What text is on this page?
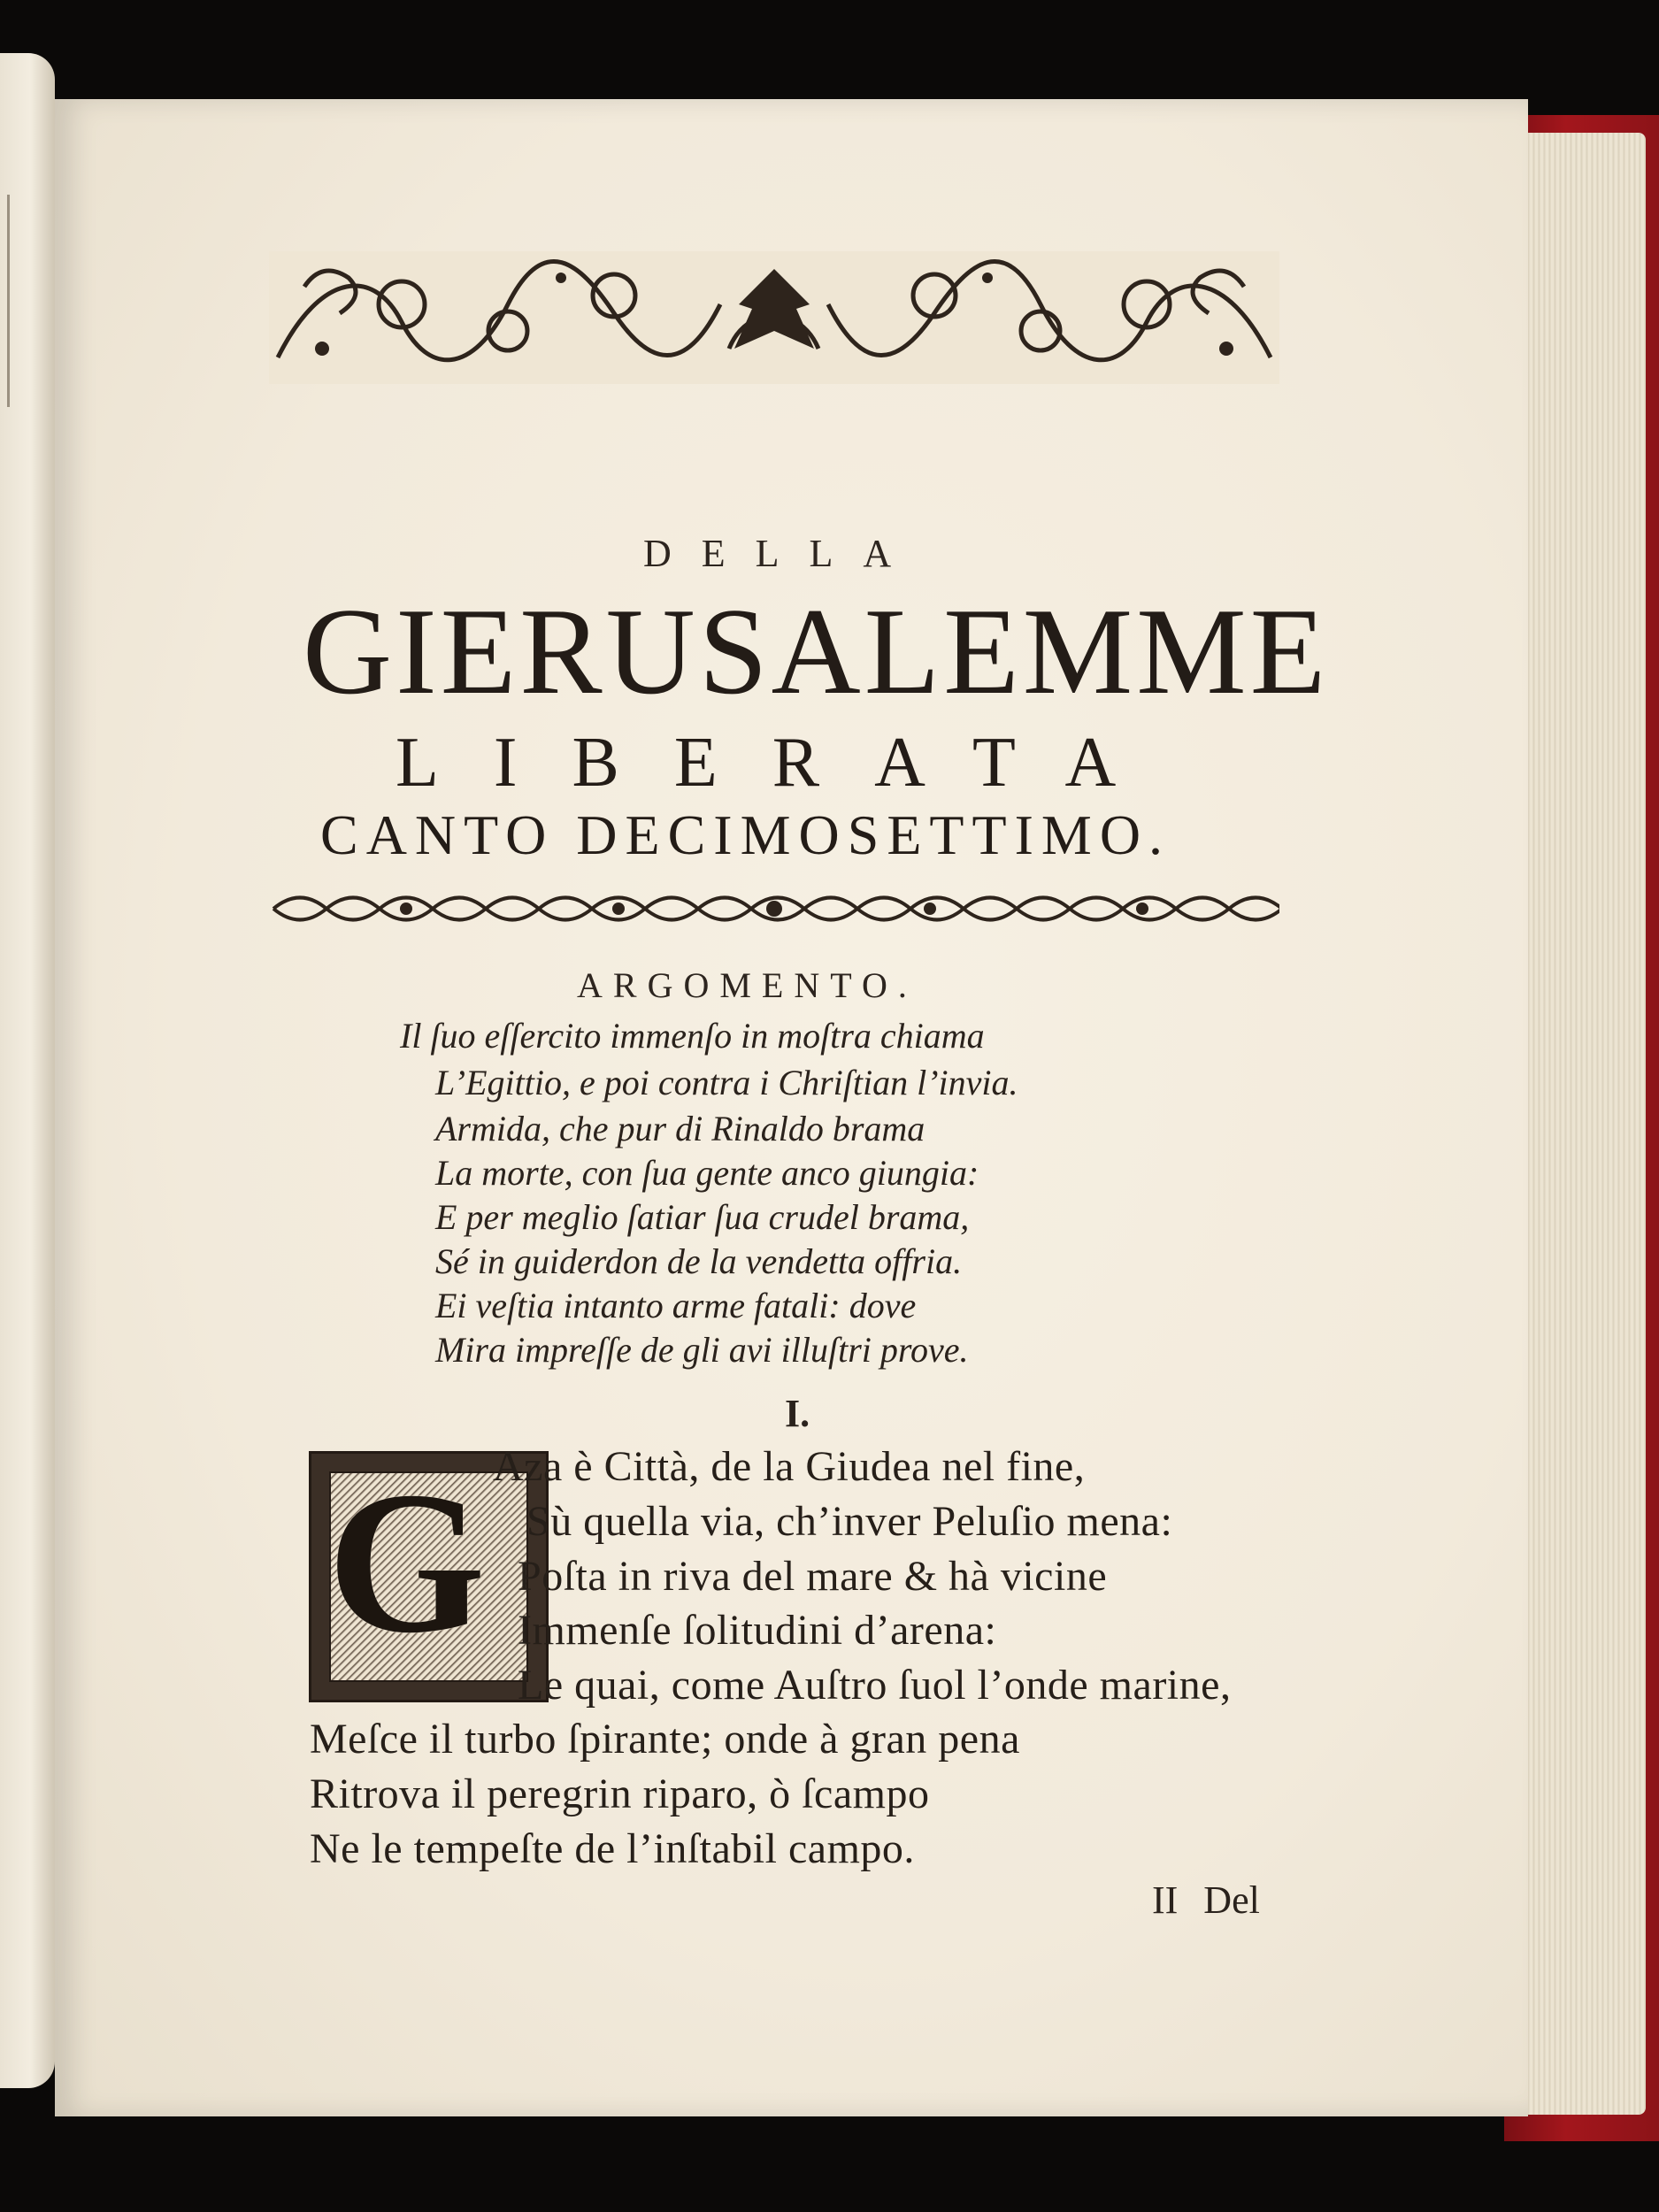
DELLA
GIERUSALEMME
LIBERATA
CANTO DECIMOSETTIMO.
ARGOMENTO.
Il ſuo eſſercito immenſo in moſtra chiama
L’Egittio, e poi contra i Chriſtian l’invia.
Armida, che pur di Rinaldo brama
La morte, con ſua gente anco giungia:
E per meglio ſatiar ſua crudel brama,
Sé in guiderdon de la vendetta offria.
Ei veſtia intanto arme fatali: dove
Mira impreſſe de gli avi illuſtri prove.
I.
G Aza è Città, de la Giudea nel fine,
Sù quella via, ch’inver Peluſio mena:
Poſta in riva del mare & hà vicine
Immenſe ſolitudini d’arena:
Le quai, come Auſtro ſuol l’onde marine,
Meſce il turbo ſpirante; onde à gran pena
Ritrova il peregrin riparo, ò ſcampo
Ne le tempeſte de l’inſtabil campo.
II Del
